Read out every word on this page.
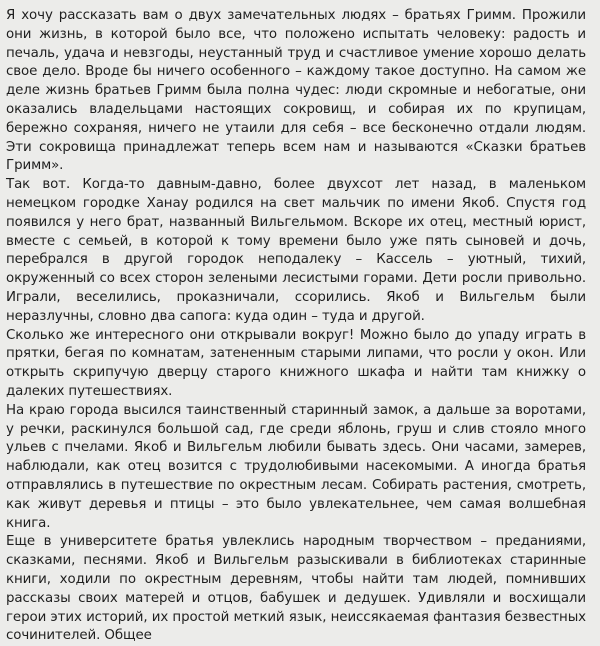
Я хочу рассказать вам о двух замечательных людях – братьях Гримм. Прожили они жизнь, в которой было все, что положено испытать человеку: радость и печаль, удача и невзгоды, неустанный труд и счастливое умение хорошо делать свое дело. Вроде бы ничего особенного – каждому такое доступно. На самом же деле жизнь братьев Гримм была полна чудес: люди скромные и небогатые, они оказались владельцами настоящих сокровищ, и собирая их по крупицам, бережно сохраняя, ничего не утаили для себя – все бесконечно отдали людям. Эти сокровища принадлежат теперь всем нам и называются «Сказки братьев Гримм».

Так вот. Когда-то давным-давно, более двухсот лет назад, в маленьком немецком городке Ханау родился на свет мальчик по имени Якоб. Спустя год появился у него брат, названный Вильгельмом. Вскоре их отец, местный юрист, вместе с семьей, в которой к тому времени было уже пять сыновей и дочь, перебрался в другой городок неподалеку – Кассель – уютный, тихий, окруженный со всех сторон зелеными лесистыми горами. Дети росли привольно. Играли, веселились, проказничали, ссорились. Якоб и Вильгельм были неразлучны, словно два сапога: куда один – туда и другой.

Сколько же интересного они открывали вокруг! Можно было до упаду играть в прятки, бегая по комнатам, затененным старыми липами, что росли у окон. Или открыть скрипучую дверцу старого книжного шкафа и найти там книжку о далеких путешествиях.

На краю города высился таинственный старинный замок, а дальше за воротами, у речки, раскинулся большой сад, где среди яблонь, груш и слив стояло много ульев с пчелами. Якоб и Вильгельм любили бывать здесь. Они часами, замерев, наблюдали, как отец возится с трудолюбивыми насекомыми. А иногда братья отправлялись в путешествие по окрестным лесам. Собирать растения, смотреть, как живут деревья и птицы – это было увлекательнее, чем самая волшебная книга.

Еще в университете братья увлеклись народным творчеством – преданиями, сказками, песнями. Якоб и Вильгельм разыскивали в библиотеках старинные книги, ходили по окрестным деревням, чтобы найти там людей, помнивших рассказы своих матерей и отцов, бабушек и дедушек. Удивляли и восхищали герои этих историй, их простой меткий язык, неиссякаемая фантазия безвестных сочинителей. Общее
